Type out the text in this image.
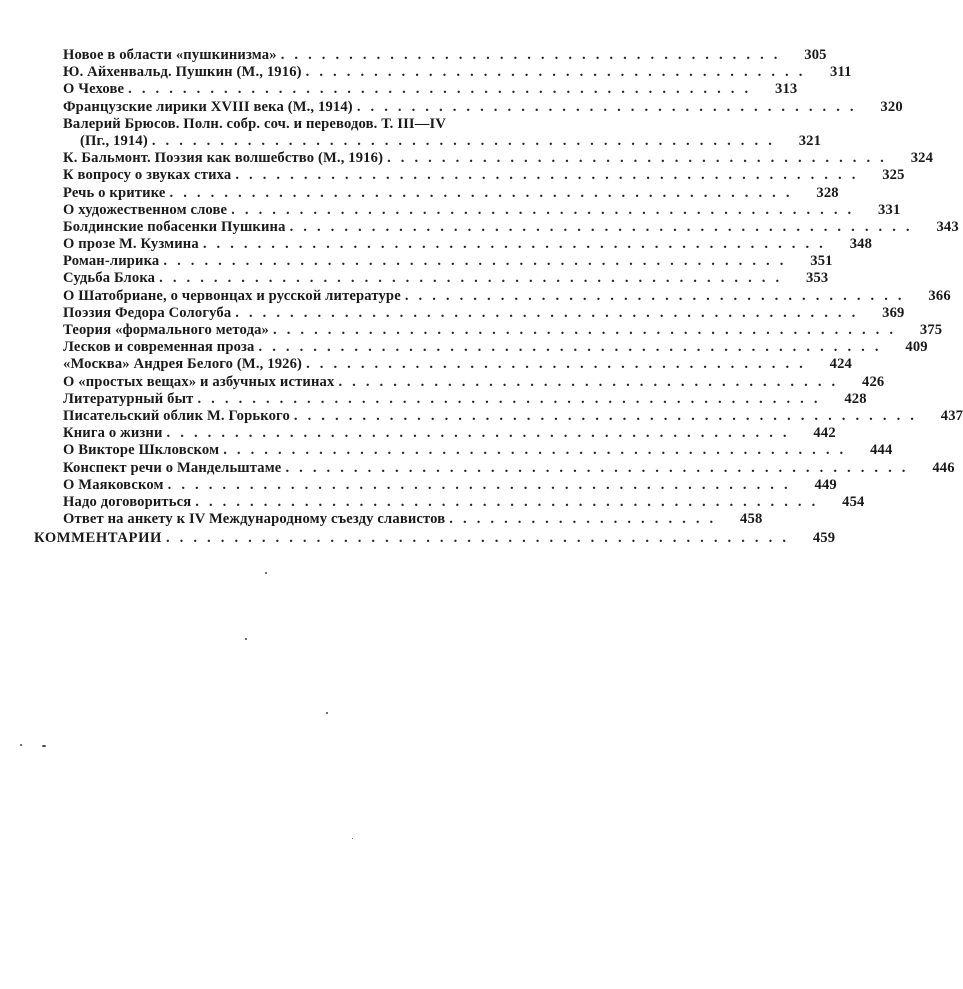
Новое в области «пушкинизма» . . . . . . . . . . . . . . . . . . . . . . . . . . . . . . . . . . . . .	305
Ю. Айхенвальд. Пушкин (М., 1916) . . . . . . . . . . . . . . . . . . . . . . . . . . . . . . . . . . . . .	311
О Чехове . . . . . . . . . . . . . . . . . . . . . . . . . . . . . . . . . . . . . . . . . . . . . .	313
Французские лирики XVIII века (М., 1914) . . . . . . . . . . . . . . . . . . . . . . . . . . . . . . . . . . . . .	320
Валерий Брюсов. Полн. собр. соч. и переводов. Т. III—IV
(Пг., 1914) . . . . . . . . . . . . . . . . . . . . . . . . . . . . . . . . . . . . . . . . . . . . . .	321
К. Бальмонт. Поэзия как волшебство (М., 1916) . . . . . . . . . . . . . . . . . . . . . . . . . . . . . . . . . . . . .	324
К вопросу о звуках стиха . . . . . . . . . . . . . . . . . . . . . . . . . . . . . . . . . . . . . . . . . . . . . .	325
Речь о критике . . . . . . . . . . . . . . . . . . . . . . . . . . . . . . . . . . . . . . . . . . . . . .	328
О художественном слове . . . . . . . . . . . . . . . . . . . . . . . . . . . . . . . . . . . . . . . . . . . . . .	331
Болдинские побасенки Пушкина . . . . . . . . . . . . . . . . . . . . . . . . . . . . . . . . . . . . . . . . . . . . . .	343
О прозе М. Кузмина . . . . . . . . . . . . . . . . . . . . . . . . . . . . . . . . . . . . . . . . . . . . . .	348
Роман-лирика . . . . . . . . . . . . . . . . . . . . . . . . . . . . . . . . . . . . . . . . . . . . . .	351
Судьба Блока . . . . . . . . . . . . . . . . . . . . . . . . . . . . . . . . . . . . . . . . . . . . . .	353
О Шатобриане, о червонцах и русской литературе . . . . . . . . . . . . . . . . . . . . . . . . . . . . . . . . . . . . .	366
Поэзия Федора Сологуба . . . . . . . . . . . . . . . . . . . . . . . . . . . . . . . . . . . . . . . . . . . . . .	369
Теория «формального метода» . . . . . . . . . . . . . . . . . . . . . . . . . . . . . . . . . . . . . . . . . . . . . .	375
Лесков и современная проза . . . . . . . . . . . . . . . . . . . . . . . . . . . . . . . . . . . . . . . . . . . . . .	409
«Москва» Андрея Белого (М., 1926) . . . . . . . . . . . . . . . . . . . . . . . . . . . . . . . . . . . . .	424
О «простых вещах» и азбучных истинах . . . . . . . . . . . . . . . . . . . . . . . . . . . . . . . . . . . . .	426
Литературный быт . . . . . . . . . . . . . . . . . . . . . . . . . . . . . . . . . . . . . . . . . . . . . .	428
Писательский облик М. Горького . . . . . . . . . . . . . . . . . . . . . . . . . . . . . . . . . . . . . . . . . . . . . .	437
Книга о жизни . . . . . . . . . . . . . . . . . . . . . . . . . . . . . . . . . . . . . . . . . . . . . .	442
О Викторе Шкловском . . . . . . . . . . . . . . . . . . . . . . . . . . . . . . . . . . . . . . . . . . . . . .	444
Конспект речи о Мандельштаме . . . . . . . . . . . . . . . . . . . . . . . . . . . . . . . . . . . . . . . . . . . . . .	446
О Маяковском . . . . . . . . . . . . . . . . . . . . . . . . . . . . . . . . . . . . . . . . . . . . . .	449
Надо договориться . . . . . . . . . . . . . . . . . . . . . . . . . . . . . . . . . . . . . . . . . . . . . .	454
Ответ на анкету к IV Международному съезду славистов . . . . . . . . . . . . . . . . . . . .	458
КОММЕНТАРИИ . . . . . . . . . . . . . . . . . . . . . . . . . . . . . . . . . . . . . . . . . . . . . .	459
